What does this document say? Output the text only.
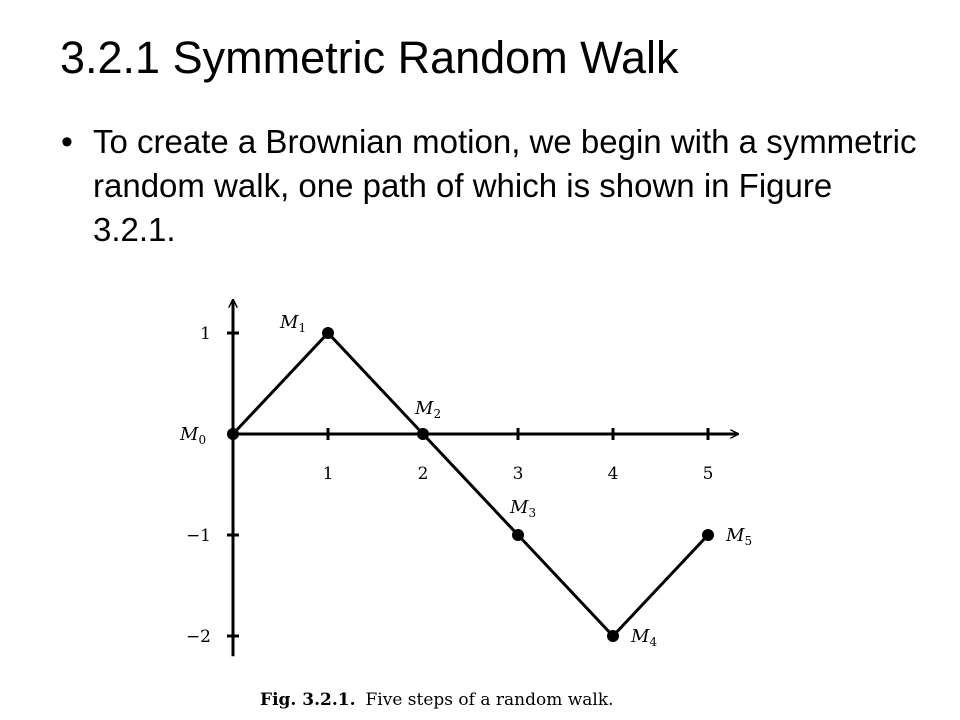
3.2.1 Symmetric Random Walk
• To create a Brownian motion, we begin with a symmetric random walk, one path of which is shown in Figure 3.2.1.
1	2	3	4	5
1
−1
−2
$M_0$
$M_1$
$M_2$
$M_3$
$M_4$
$M_5$
Fig. 3.2.1. Five steps of a random walk.
